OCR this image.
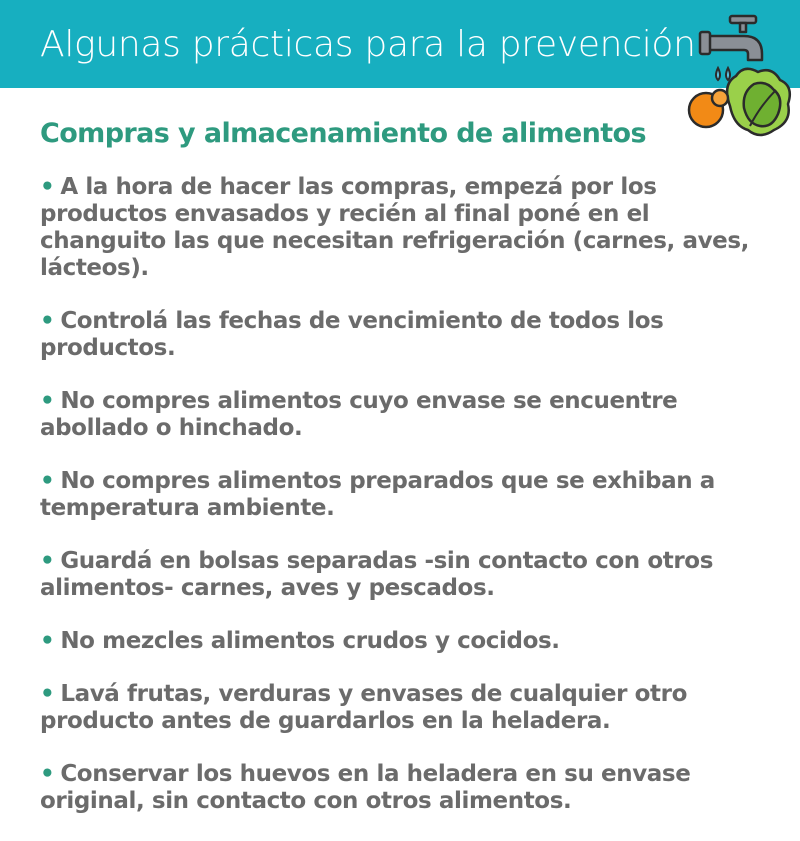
Algunas prácticas para la prevención
Compras y almacenamiento de alimentos
• A la hora de hacer las compras, empezá por los productos envasados y recién al final poné en el changuito las que necesitan refrigeración (carnes, aves, lácteos).
• Controlá las fechas de vencimiento de todos los productos.
• No compres alimentos cuyo envase se encuentre abollado o hinchado.
• No compres alimentos preparados que se exhiban a temperatura ambiente.
• Guardá en bolsas separadas -sin contacto con otros alimentos- carnes, aves y pescados.
• No mezcles alimentos crudos y cocidos.
• Lavá frutas, verduras y envases de cualquier otro producto antes de guardarlos en la heladera.
• Conservar los huevos en la heladera en su envase original, sin contacto con otros alimentos.
